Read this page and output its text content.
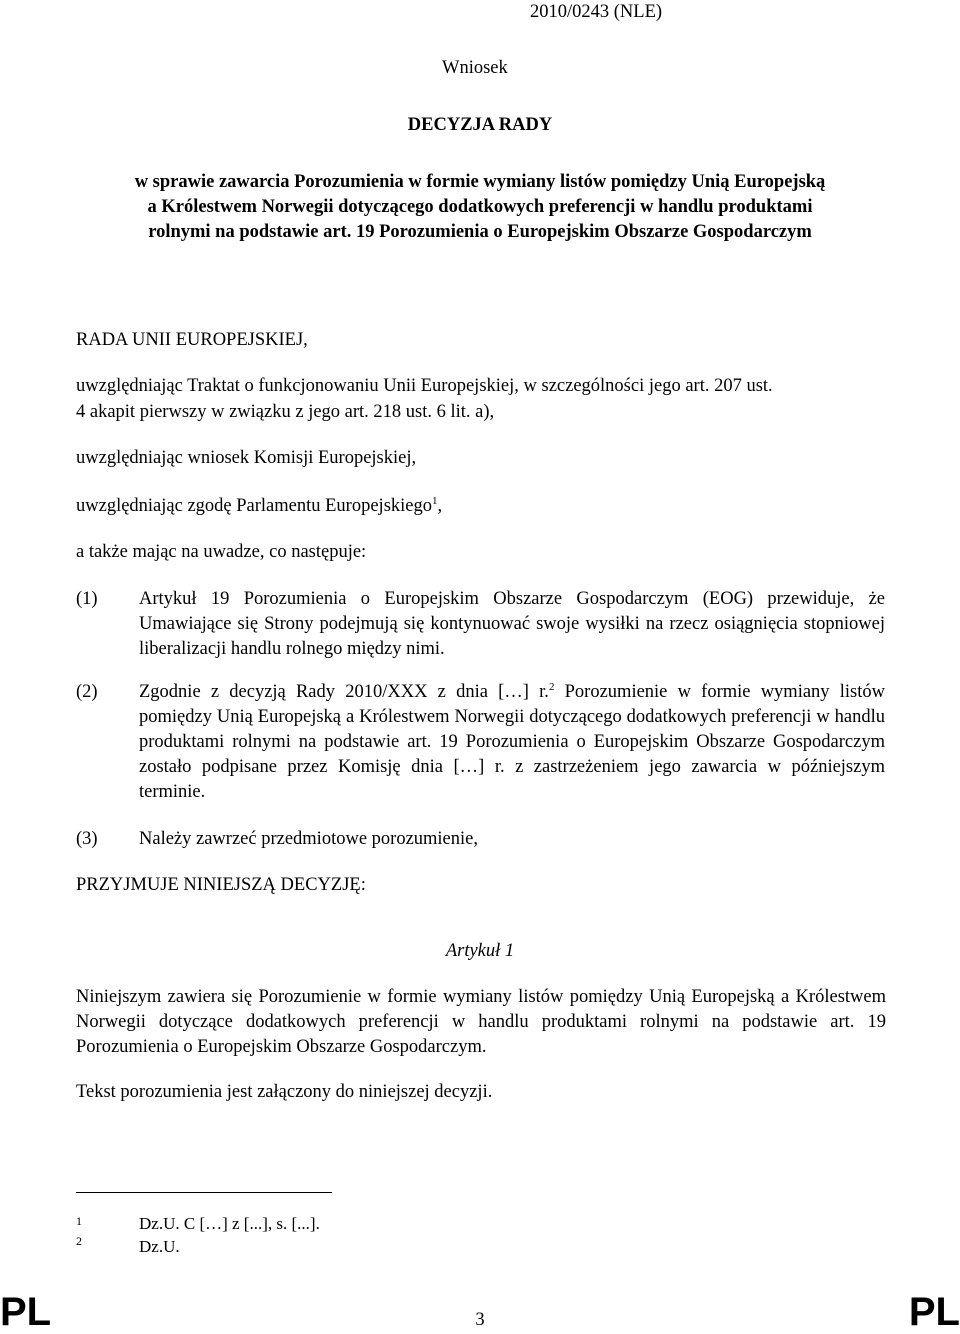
2010/0243 (NLE)
Wniosek
DECYZJA RADY
w sprawie zawarcia Porozumienia w formie wymiany listów pomiędzy Unią Europejską
a Królestwem Norwegii dotyczącego dodatkowych preferencji w handlu produktami
rolnymi na podstawie art. 19 Porozumienia o Europejskim Obszarze Gospodarczym
RADA UNII EUROPEJSKIEJ,
uwzględniając Traktat o funkcjonowaniu Unii Europejskiej, w szczególności jego art. 207 ust.
4 akapit pierwszy w związku z jego art. 218 ust. 6 lit. a),
uwzględniając wniosek Komisji Europejskiej,
uwzględniając zgodę Parlamentu Europejskiego$^1$,
a także mając na uwadze, co następuje:
(1) Artykuł 19 Porozumienia o Europejskim Obszarze Gospodarczym (EOG) przewiduje, że Umawiające się Strony podejmują się kontynuować swoje wysiłki na rzecz osiągnięcia stopniowej liberalizacji handlu rolnego między nimi.
(2) Zgodnie z decyzją Rady 2010/XXX z dnia […] r.$^2$ Porozumienie w formie wymiany listów pomiędzy Unią Europejską a Królestwem Norwegii dotyczącego dodatkowych preferencji w handlu produktami rolnymi na podstawie art. 19 Porozumienia o Europejskim Obszarze Gospodarczym zostało podpisane przez Komisję dnia […] r. z zastrzeżeniem jego zawarcia w późniejszym terminie.
(3) Należy zawrzeć przedmiotowe porozumienie,
PRZYJMUJE NINIEJSZĄ DECYZJĘ:
Artykuł 1
Niniejszym zawiera się Porozumienie w formie wymiany listów pomiędzy Unią Europejską a Królestwem Norwegii dotyczące dodatkowych preferencji w handlu produktami rolnymi na podstawie art. 19 Porozumienia o Europejskim Obszarze Gospodarczym.
Tekst porozumienia jest załączony do niniejszej decyzji.
1	Dz.U. C […] z [...], s. [...].
2	Dz.U.
PL	3	PL
